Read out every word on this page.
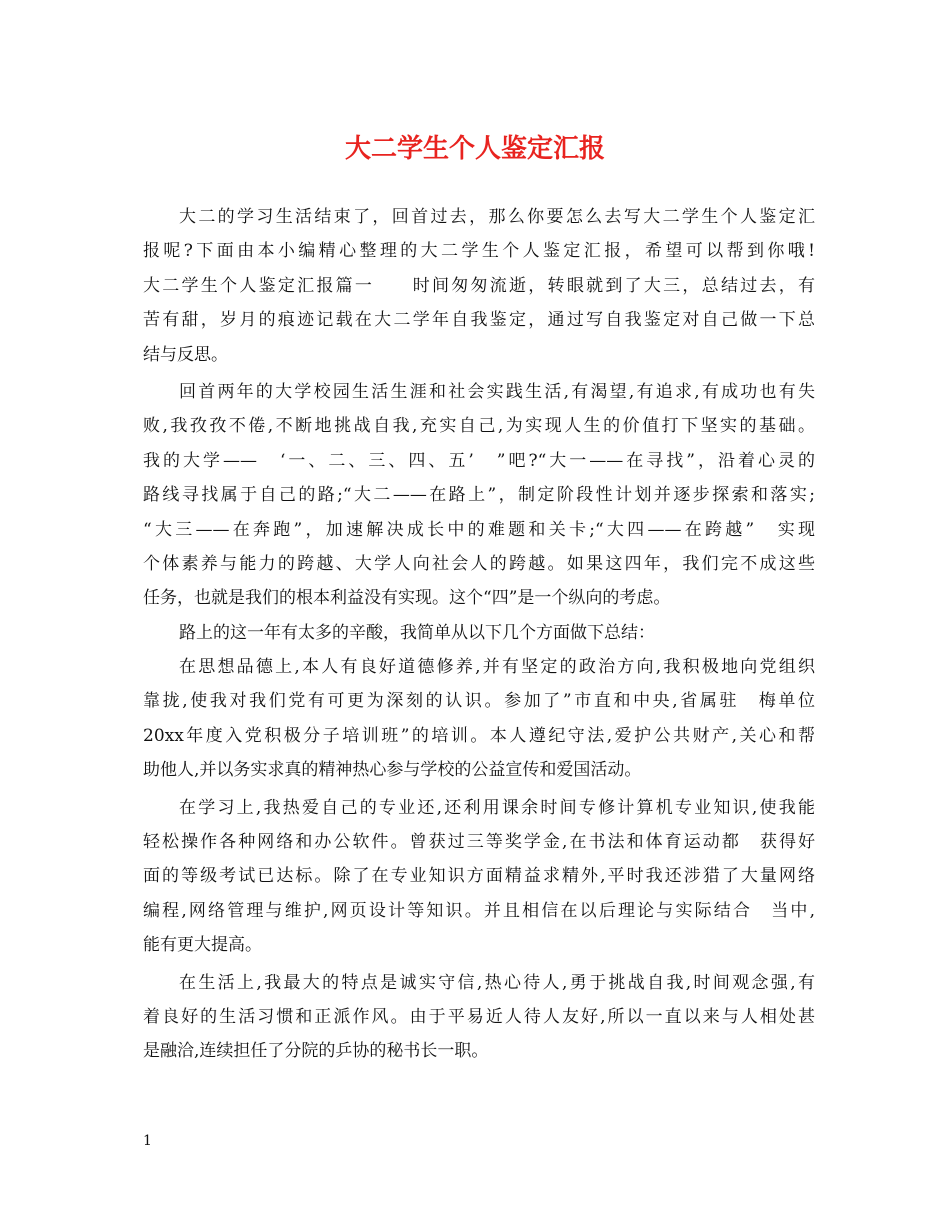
大二学生个人鉴定汇报
大二的学习生活结束了，回首过去，那么你要怎么去写大二学生个人鉴定汇
报呢?下面由本小编精心整理的大二学生个人鉴定汇报，希望可以帮到你哦!
大二学生个人鉴定汇报篇一　　时间匆匆流逝，转眼就到了大三，总结过去，有
苦有甜，岁月的痕迹记载在大二学年自我鉴定，通过写自我鉴定对自己做一下总
结与反思。
回首两年的大学校园生活生涯和社会实践生活,有渴望,有追求,有成功也有失
败,我孜孜不倦,不断地挑战自我,充实自己,为实现人生的价值打下坚实的基础。
我的大学——　‘一、二、三、四、五’　”吧?“大一——在寻找”，沿着心灵的
路线寻找属于自己的路;“大二——在路上”，制定阶段性计划并逐步探索和落实;
“大三——在奔跑”，加速解决成长中的难题和关卡;“大四——在跨越”　实现
个体素养与能力的跨越、大学人向社会人的跨越。如果这四年，我们完不成这些
任务，也就是我们的根本利益没有实现。这个“四”是一个纵向的考虑。
路上的这一年有太多的辛酸，我简单从以下几个方面做下总结：
在思想品德上,本人有良好道德修养,并有坚定的政治方向,我积极地向党组织
靠拢,使我对我们党有可更为深刻的认识。参加了”市直和中央,省属驻　梅单位
20xx年度入党积极分子培训班”的培训。本人遵纪守法,爱护公共财产,关心和帮
助他人,并以务实求真的精神热心参与学校的公益宣传和爱国活动。
在学习上,我热爱自己的专业还,还利用课余时间专修计算机专业知识,使我能
轻松操作各种网络和办公软件。曾获过三等奖学金,在书法和体育运动都　获得好
面的等级考试已达标。除了在专业知识方面精益求精外,平时我还涉猎了大量网络
编程,网络管理与维护,网页设计等知识。并且相信在以后理论与实际结合　当中,
能有更大提高。
在生活上,我最大的特点是诚实守信,热心待人,勇于挑战自我,时间观念强,有
着良好的生活习惯和正派作风。由于平易近人待人友好,所以一直以来与人相处甚
是融洽,连续担任了分院的乒协的秘书长一职。
1
